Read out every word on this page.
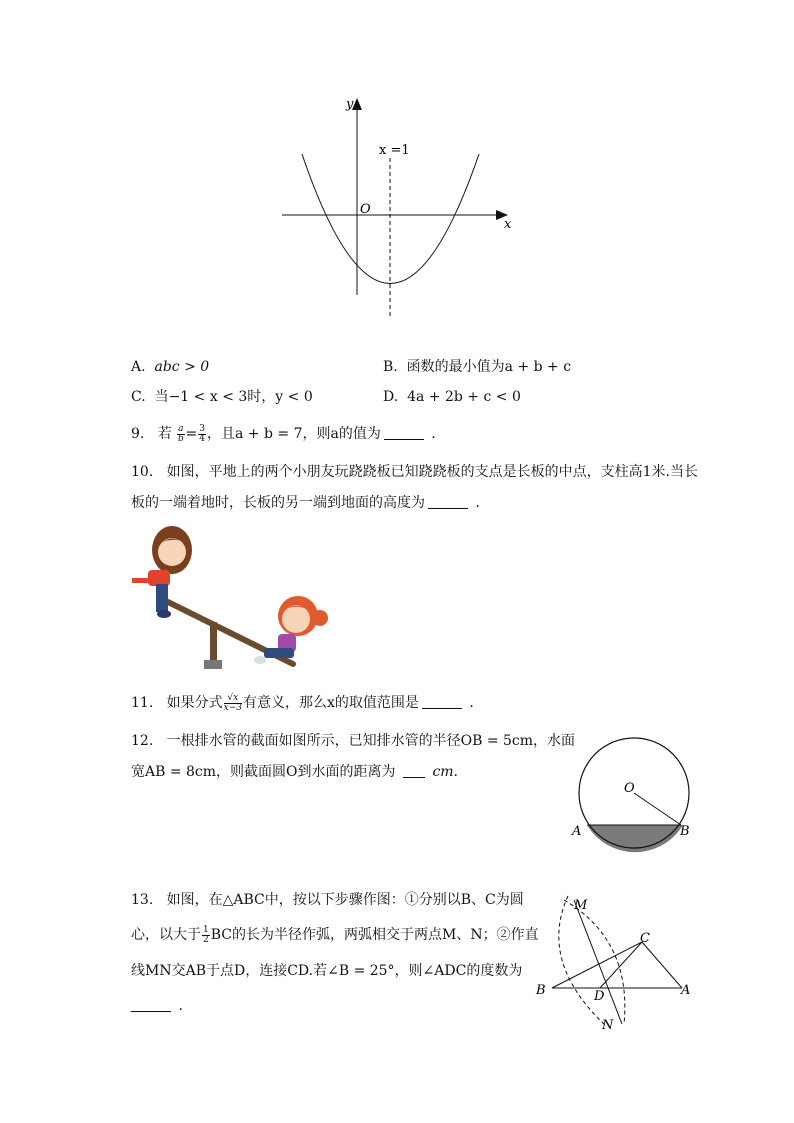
y
x
O
x =1
A. abc > 0	B. 函数的最小值为a + b + c
C. 当−1 < x < 3时，y < 0	D. 4a + 2b + c < 0
9. 若 $\frac{a}{b} = \frac{3}{4}$ ，且a + b = 7，则a的值为	.
10. 如图，平地上的两个小朋友玩跷跷板已知跷跷板的支点是长板的中点，支柱高1米.当长
板的一端着地时，长板的另一端到地面的高度为	.
11. 如果分式 $\frac{√x}{x-3}$ 有意义，那么x的取值范围是	.
12. 一根排水管的截面如图所示，已知排水管的半径OB = 5cm，水面
宽AB = 8cm，则截面圆O到水面的距离为	cm.
O
A	B
13. 如图，在△ABC中，按以下步骤作图：①分别以B、C为圆
心，以大于 $\frac{1}{2}$ BC的长为半径作弧，两弧相交于两点M、N；②作直
线MN交AB于点D，连接CD.若∠B = 25°，则∠ADC的度数为
.
M
N
B
C
D	A
